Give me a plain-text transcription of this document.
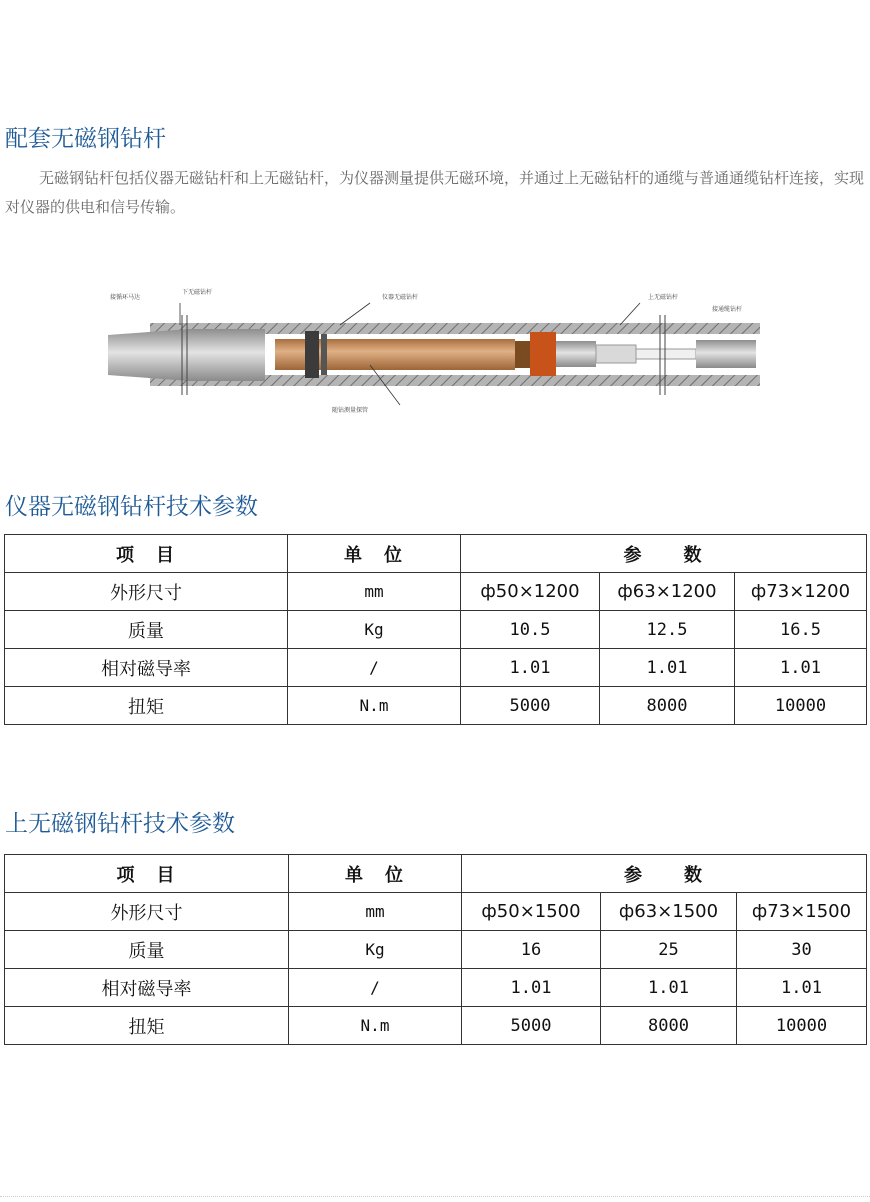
配套无磁钢钻杆

无磁钢钻杆包括仪器无磁钻杆和上无磁钻杆，为仪器测量提供无磁环境，并通过上无磁钻杆的通缆与普通通缆钻杆连接，实现对仪器的供电和信号传输。

接循环马达
下无磁钻杆
仪器无磁钻杆	上无磁钻杆
接通缆钻杆
随钻测量探管
仪器无磁钢钻杆技术参数
项　目	单　位	参　　数		
外形尺寸	mm	ф50×1200	ф63×1200	ф73×1200
质量	Kg	10.5	12.5	16.5
相对磁导率	/	1.01	1.01	1.01
扭矩	N.m	5000	8000	10000
上无磁钢钻杆技术参数
项　目	单　位	参　　数		
外形尺寸	mm	ф50×1500	ф63×1500	ф73×1500
质量	Kg	16	25	30
相对磁导率	/	1.01	1.01	1.01
扭矩	N.m	5000	8000	10000
